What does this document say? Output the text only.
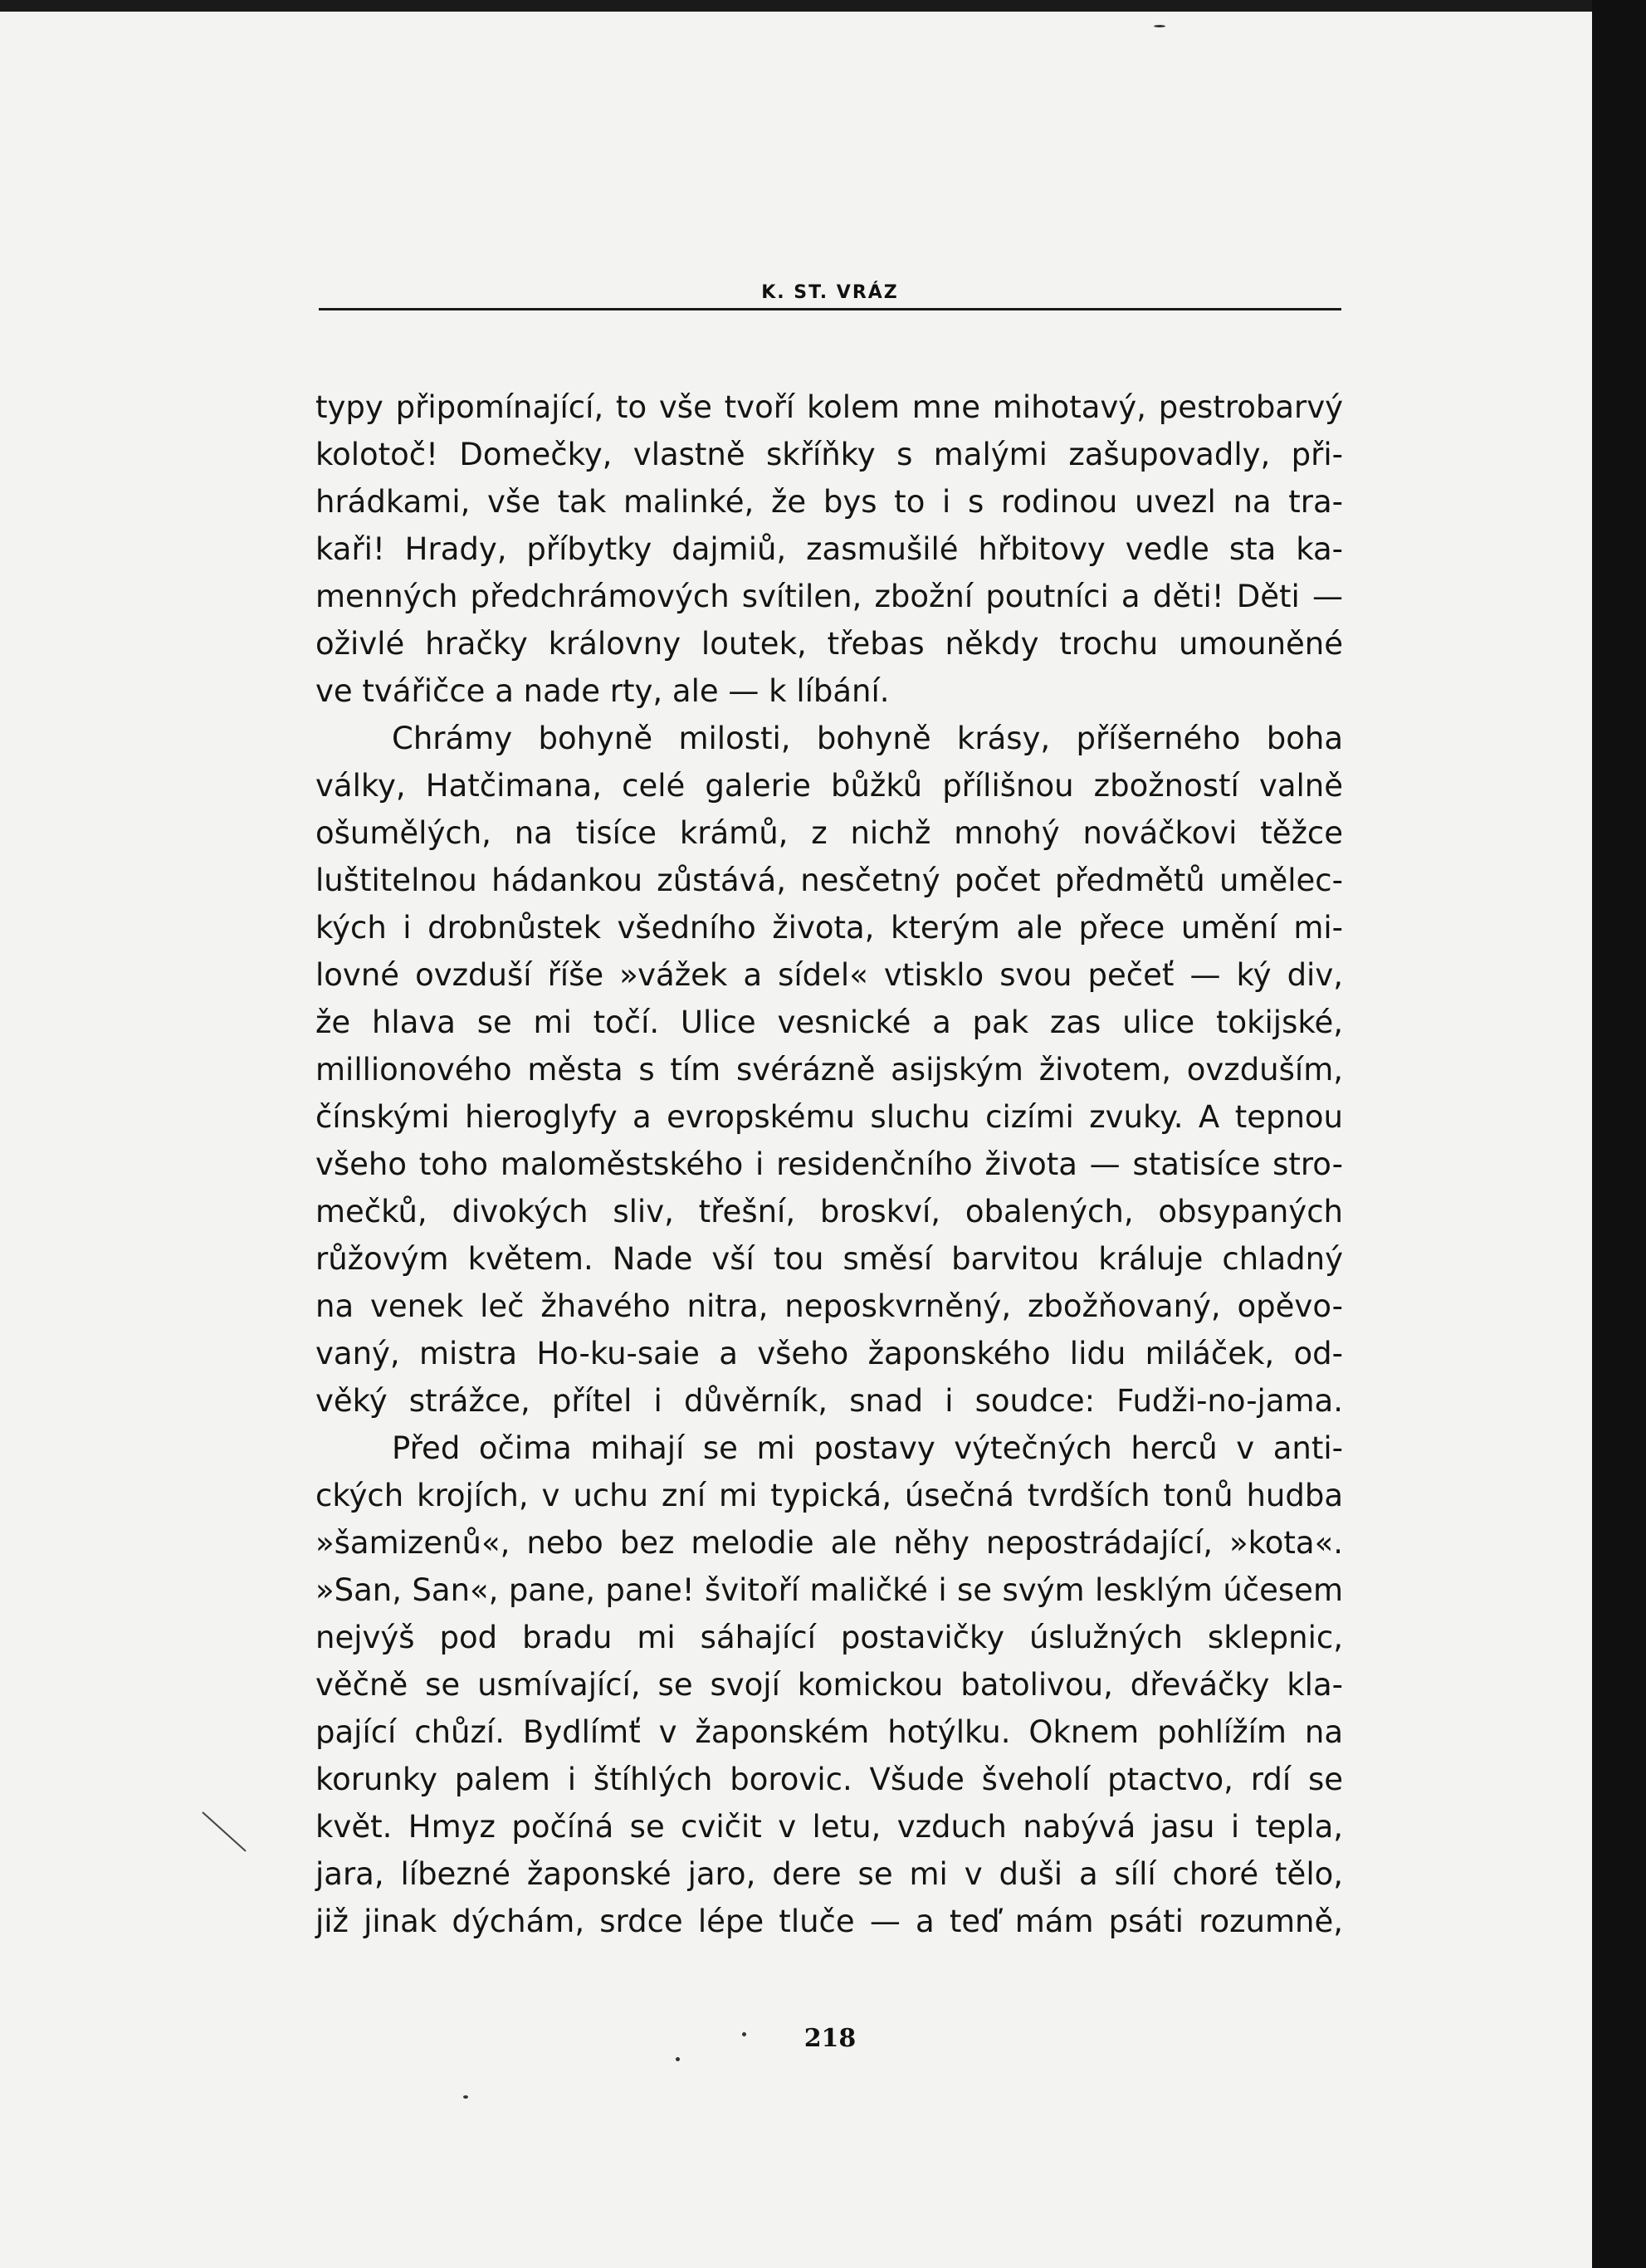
K. ST. VRÁZ
typy připomínající, to vše tvoří kolem mne mihotavý, pestrobarvý
kolotoč! Domečky, vlastně skříňky s malými zašupovadly, při-
hrádkami, vše tak malinké, že bys to i s rodinou uvezl na tra-
kaři! Hrady, příbytky dajmiů, zasmušilé hřbitovy vedle sta ka-
menných předchrámových svítilen, zbožní poutníci a děti! Děti —
oživlé hračky královny loutek, třebas někdy trochu umouněné
ve tvářičce a nade rty, ale — k líbání.
Chrámy bohyně milosti, bohyně krásy, příšerného boha
války, Hatčimana, celé galerie bůžků přílišnou zbožností valně
ošumělých, na tisíce krámů, z nichž mnohý nováčkovi těžce
luštitelnou hádankou zůstává, nesčetný počet předmětů umělec-
kých i drobnůstek všedního života, kterým ale přece umění mi-
lovné ovzduší říše »vážek a sídel« vtisklo svou pečeť — ký div,
že hlava se mi točí. Ulice vesnické a pak zas ulice tokijské,
millionového města s tím svérázně asijským životem, ovzduším,
čínskými hieroglyfy a evropskému sluchu cizími zvuky. A tepnou
všeho toho maloměstského i residenčního života — statisíce stro-
mečků, divokých sliv, třešní, broskví, obalených, obsypaných
růžovým květem. Nade vší tou směsí barvitou králuje chladný
na venek leč žhavého nitra, neposkvrněný, zbožňovaný, opěvo-
vaný, mistra Ho-ku-saie a všeho žaponského lidu miláček, od-
věký strážce, přítel i důvěrník, snad i soudce: Fudži-no-jama.
Před očima mihají se mi postavy výtečných herců v anti-
ckých krojích, v uchu zní mi typická, úsečná tvrdších tonů hudba
»šamizenů«, nebo bez melodie ale něhy nepostrádající, »kota«.
»San, San«, pane, pane! švitoří maličké i se svým lesklým účesem
nejvýš pod bradu mi sáhající postavičky úslužných sklepnic,
věčně se usmívající, se svojí komickou batolivou, dřeváčky kla-
pající chůzí. Bydlímť v žaponském hotýlku. Oknem pohlížím na
korunky palem i štíhlých borovic. Všude šveholí ptactvo, rdí se
květ. Hmyz počíná se cvičit v letu, vzduch nabývá jasu i tepla,
jara, líbezné žaponské jaro, dere se mi v duši a sílí choré tělo,
již jinak dýchám, srdce lépe tluče — a teď mám psáti rozumně,
218
